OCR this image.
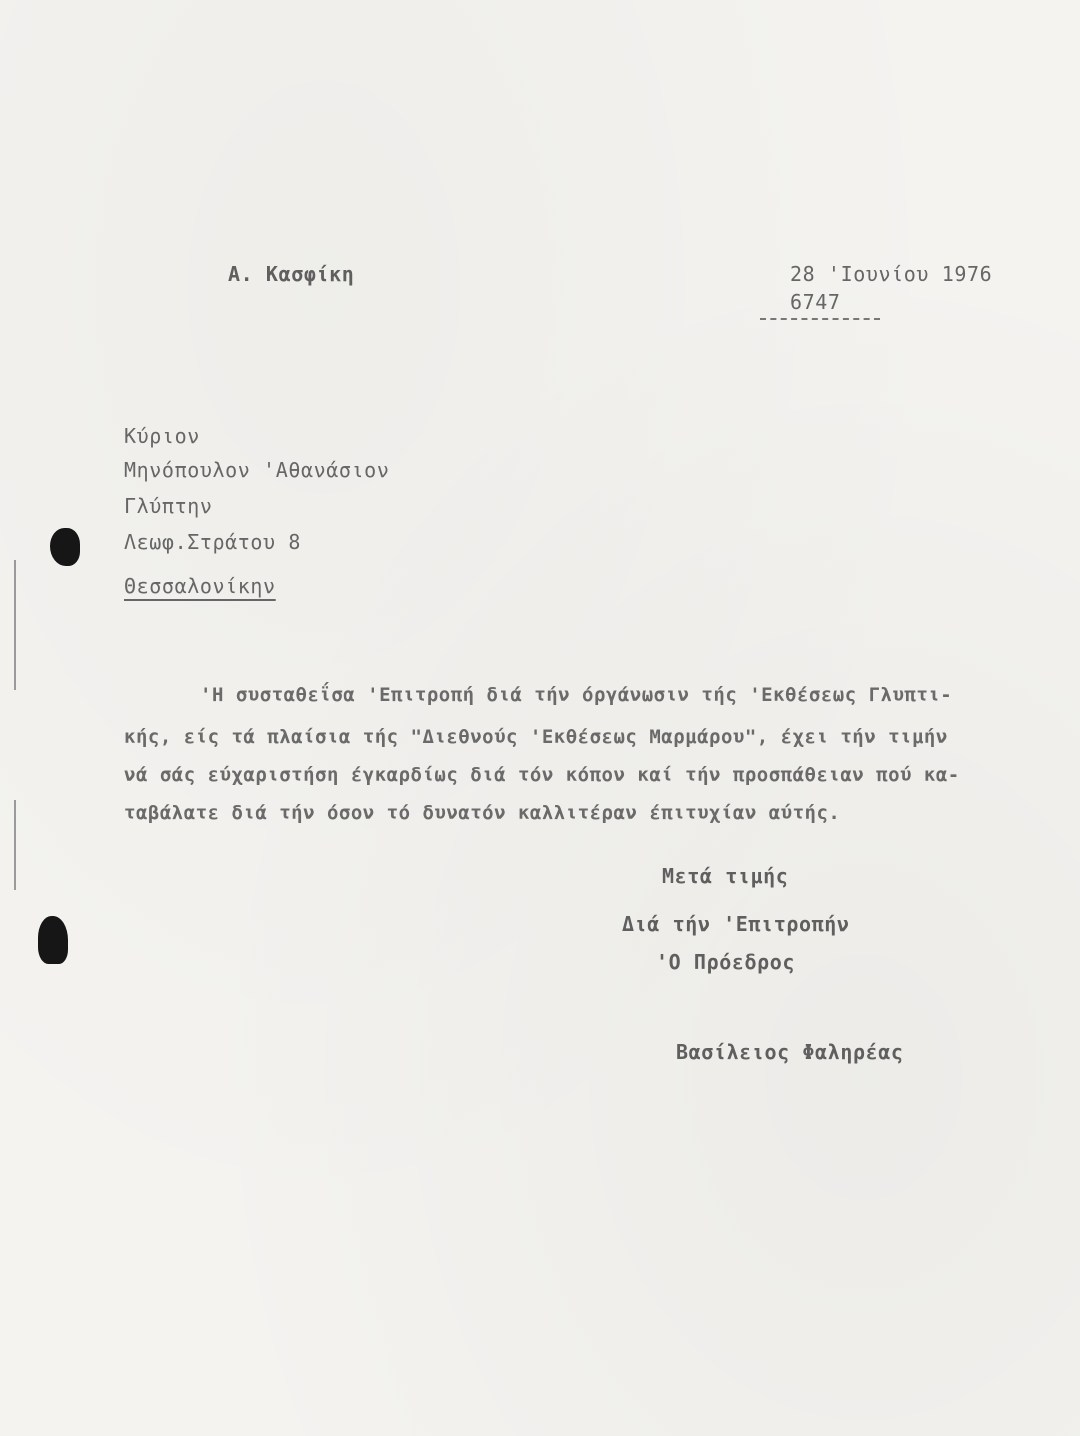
Α. Κασφίκη	28 'Ιουνίου 1976
6747
Κύριον
Μηνόπουλον 'Αθανάσιον
Γλύπτην
Λεωφ.Στράτου 8
Θεσσαλονίκην
'Η συσταθεΐσα 'Επιτροπή διά τήν όργάνωσιν τής 'Εκθέσεως Γλυπτι-
κής, είς τά πλαίσια τής "Διεθνούς 'Εκθέσεως Μαρμάρου", έχει τήν τιμήν
νά σάς εύχαριστήση έγκαρδίως διά τόν κόπον καί τήν προσπάθειαν πού κα-
ταβάλατε διά τήν όσον τό δυνατόν καλλιτέραν έπιτυχίαν αύτής.
Μετά τιμής
Διά τήν 'Επιτροπήν
'Ο Πρόεδρος
Βασίλειος Φαληρέας
